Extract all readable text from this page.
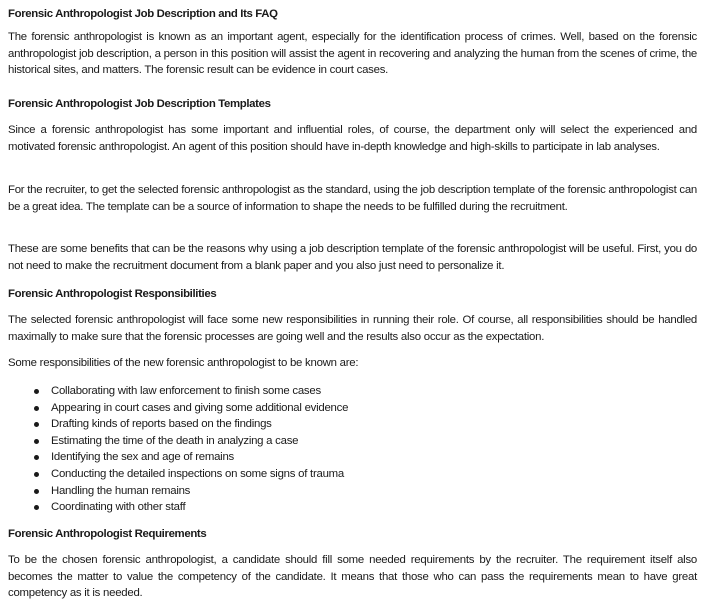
Forensic Anthropologist Job Description and Its FAQ

The forensic anthropologist is known as an important agent, especially for the identification process of crimes. Well, based on the forensic anthropologist job description, a person in this position will assist the agent in recovering and analyzing the human from the scenes of crime, the historical sites, and matters. The forensic result can be evidence in court cases.

Forensic Anthropologist Job Description Templates

Since a forensic anthropologist has some important and influential roles, of course, the department only will select the experienced and motivated forensic anthropologist. An agent of this position should have in-depth knowledge and high-skills to participate in lab analyses.

For the recruiter, to get the selected forensic anthropologist as the standard, using the job description template of the forensic anthropologist can be a great idea. The template can be a source of information to shape the needs to be fulfilled during the recruitment.

These are some benefits that can be the reasons why using a job description template of the forensic anthropologist will be useful. First, you do not need to make the recruitment document from a blank paper and you also just need to personalize it.

Forensic Anthropologist Responsibilities

The selected forensic anthropologist will face some new responsibilities in running their role. Of course, all responsibilities should be handled maximally to make sure that the forensic processes are going well and the results also occur as the expectation.

Some responsibilities of the new forensic anthropologist to be known are:

Collaborating with law enforcement to finish some cases
Appearing in court cases and giving some additional evidence
Drafting kinds of reports based on the findings
Estimating the time of the death in analyzing a case
Identifying the sex and age of remains
Conducting the detailed inspections on some signs of trauma
Handling the human remains
Coordinating with other staff
Forensic Anthropologist Requirements

To be the chosen forensic anthropologist, a candidate should fill some needed requirements by the recruiter. The requirement itself also becomes the matter to value the competency of the candidate. It means that those who can pass the requirements mean to have great competency as it is needed.
